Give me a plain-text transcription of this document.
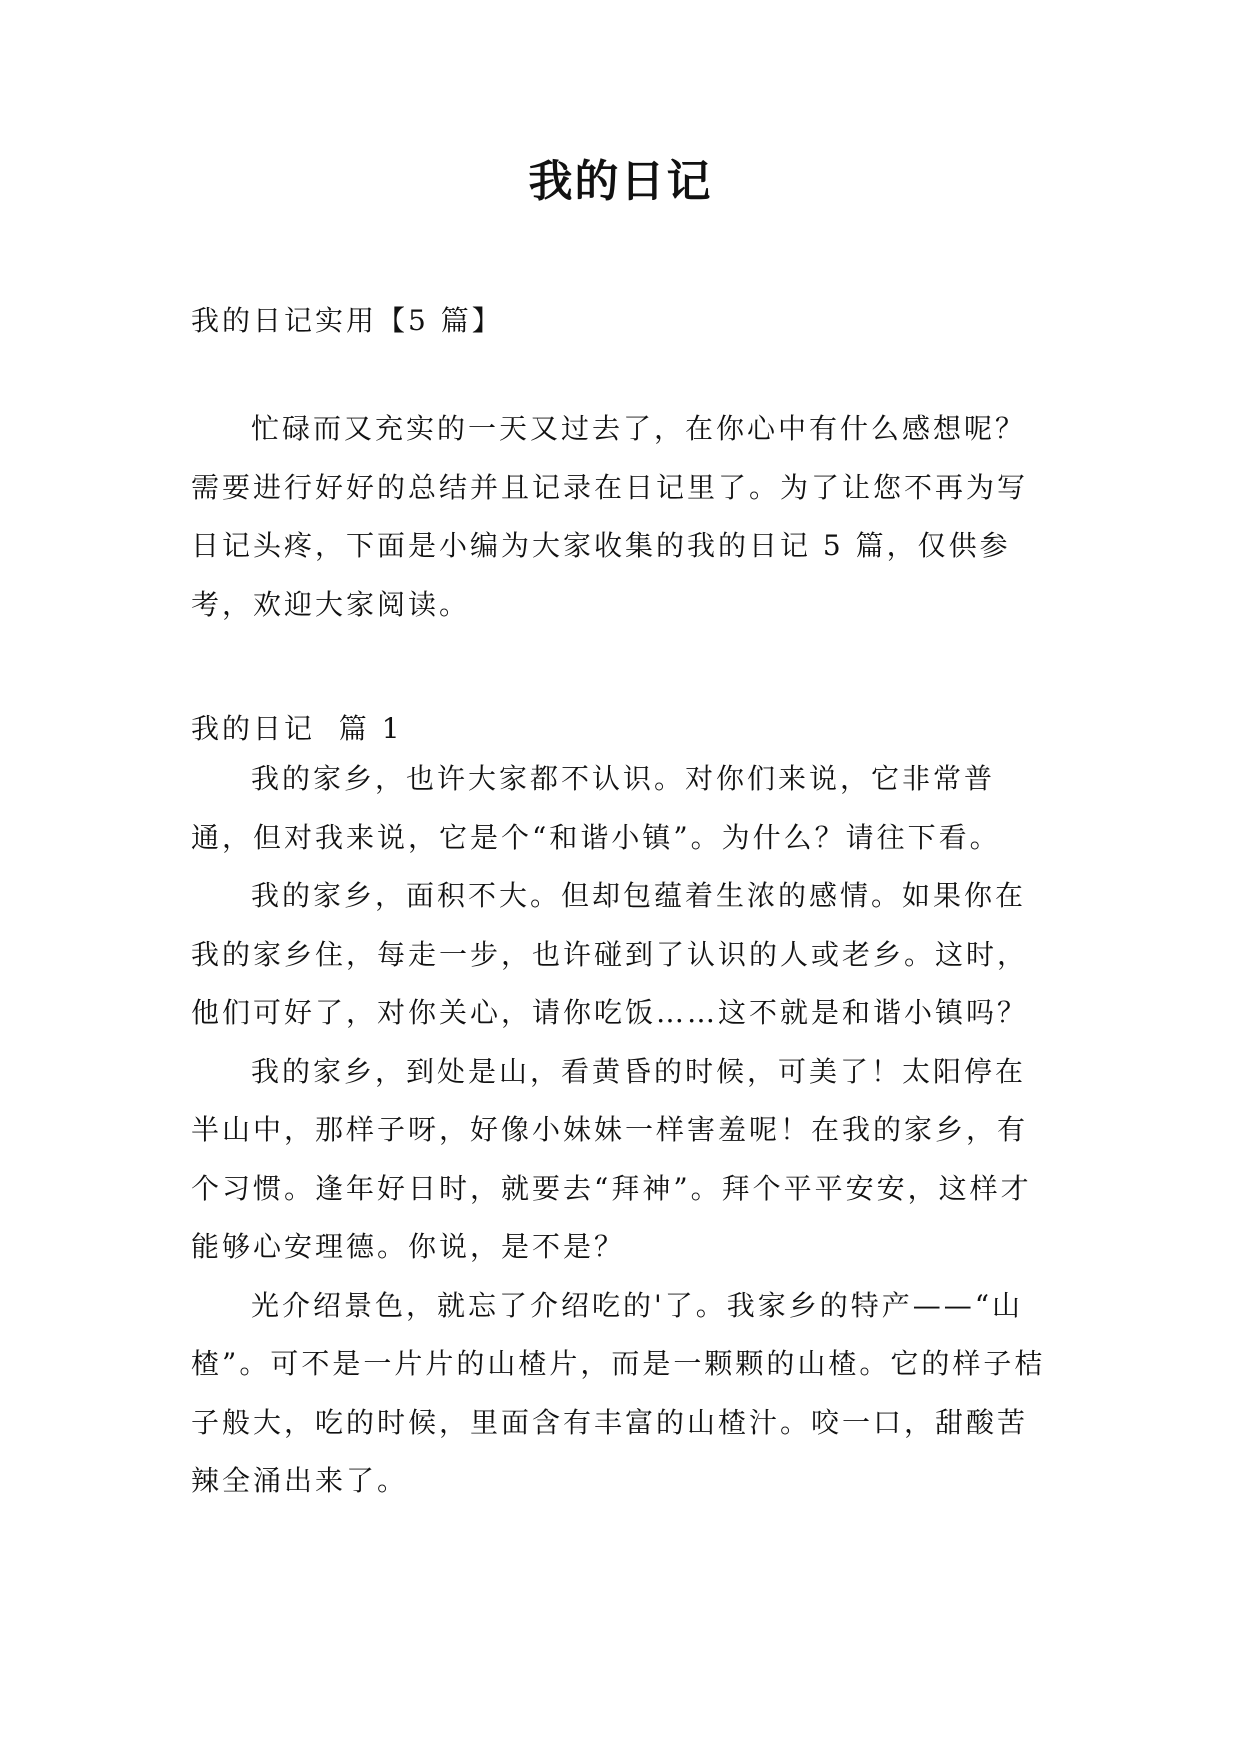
我的日记

我的日记实用【5 篇】

忙碌而又充实的一天又过去了，在你心中有什么感想呢？需要进行好好的总结并且记录在日记里了。为了让您不再为写日记头疼，下面是小编为大家收集的我的日记 5 篇，仅供参考，欢迎大家阅读。

我的日记  篇 1

我的家乡，也许大家都不认识。对你们来说，它非常普通，但对我来说，它是个“和谐小镇”。为什么？请往下看。

我的家乡，面积不大。但却包蕴着生浓的感情。如果你在我的家乡住，每走一步，也许碰到了认识的人或老乡。这时，他们可好了，对你关心，请你吃饭……这不就是和谐小镇吗？

我的家乡，到处是山，看黄昏的时候，可美了！太阳停在半山中，那样子呀，好像小妹妹一样害羞呢！在我的家乡，有个习惯。逢年好日时，就要去“拜神”。拜个平平安安，这样才能够心安理德。你说，是不是？

光介绍景色，就忘了介绍吃的'了。我家乡的特产——“山楂”。可不是一片片的山楂片，而是一颗颗的山楂。它的样子桔子般大，吃的时候，里面含有丰富的山楂汁。咬一口，甜酸苦辣全涌出来了。
